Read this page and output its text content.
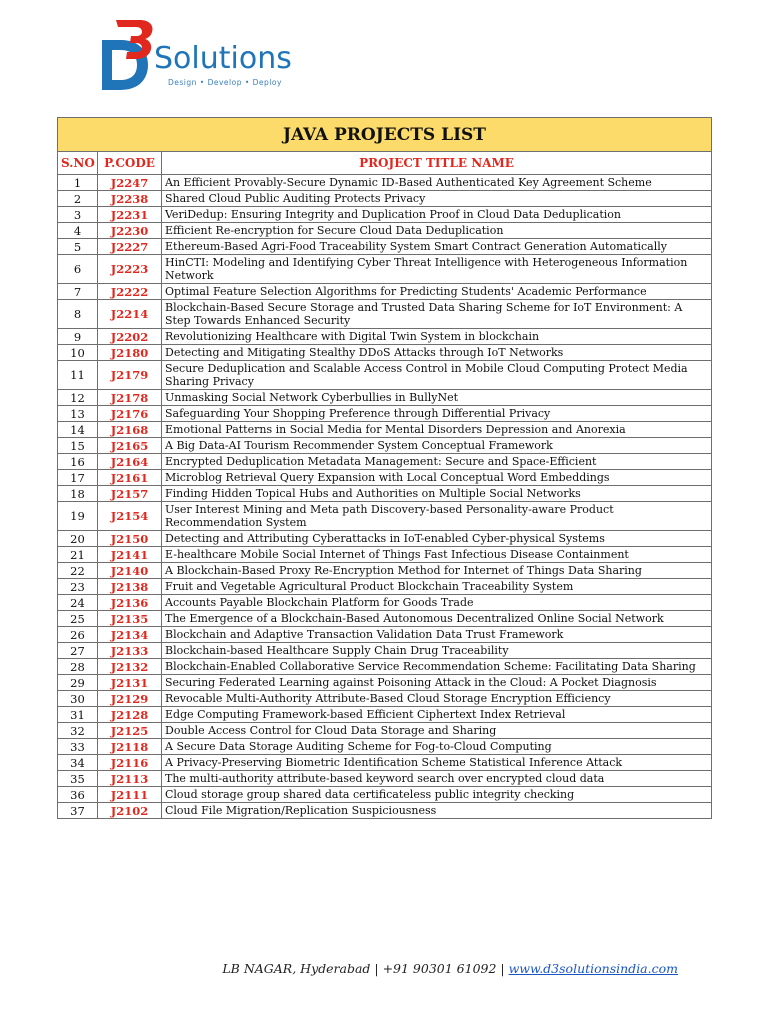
Solutions
Design • Develop • Deploy
JAVA PROJECTS LIST		
S.NO	P.CODE	PROJECT TITLE NAME
1	J2247	An Efficient Provably-Secure Dynamic ID-Based Authenticated Key Agreement Scheme
2	J2238	Shared Cloud Public Auditing Protects Privacy
3	J2231	VeriDedup: Ensuring Integrity and Duplication Proof in Cloud Data Deduplication
4	J2230	Efficient Re-encryption for Secure Cloud Data Deduplication
5	J2227	Ethereum-Based Agri-Food Traceability System Smart Contract Generation Automatically
6	J2223	HinCTI: Modeling and Identifying Cyber Threat Intelligence with Heterogeneous Information Network
7	J2222	Optimal Feature Selection Algorithms for Predicting Students' Academic Performance
8	J2214	Blockchain-Based Secure Storage and Trusted Data Sharing Scheme for IoT Environment: A Step Towards Enhanced Security
9	J2202	Revolutionizing Healthcare with Digital Twin System in blockchain
10	J2180	Detecting and Mitigating Stealthy DDoS Attacks through IoT Networks
11	J2179	Secure Deduplication and Scalable Access Control in Mobile Cloud Computing Protect Media Sharing Privacy
12	J2178	Unmasking Social Network Cyberbullies in BullyNet
13	J2176	Safeguarding Your Shopping Preference through Differential Privacy
14	J2168	Emotional Patterns in Social Media for Mental Disorders Depression and Anorexia
15	J2165	A Big Data-AI Tourism Recommender System Conceptual Framework
16	J2164	Encrypted Deduplication Metadata Management: Secure and Space-Efficient
17	J2161	Microblog Retrieval Query Expansion with Local Conceptual Word Embeddings
18	J2157	Finding Hidden Topical Hubs and Authorities on Multiple Social Networks
19	J2154	User Interest Mining and Meta path Discovery-based Personality-aware Product Recommendation System
20	J2150	Detecting and Attributing Cyberattacks in IoT-enabled Cyber-physical Systems
21	J2141	E-healthcare Mobile Social Internet of Things Fast Infectious Disease Containment
22	J2140	A Blockchain-Based Proxy Re-Encryption Method for Internet of Things Data Sharing
23	J2138	Fruit and Vegetable Agricultural Product Blockchain Traceability System
24	J2136	Accounts Payable Blockchain Platform for Goods Trade
25	J2135	The Emergence of a Blockchain-Based Autonomous Decentralized Online Social Network
26	J2134	Blockchain and Adaptive Transaction Validation Data Trust Framework
27	J2133	Blockchain-based Healthcare Supply Chain Drug Traceability
28	J2132	Blockchain-Enabled Collaborative Service Recommendation Scheme: Facilitating Data Sharing
29	J2131	Securing Federated Learning against Poisoning Attack in the Cloud: A Pocket Diagnosis
30	J2129	Revocable Multi-Authority Attribute-Based Cloud Storage Encryption Efficiency
31	J2128	Edge Computing Framework-based Efficient Ciphertext Index Retrieval
32	J2125	Double Access Control for Cloud Data Storage and Sharing
33	J2118	A Secure Data Storage Auditing Scheme for Fog-to-Cloud Computing
34	J2116	A Privacy-Preserving Biometric Identification Scheme Statistical Inference Attack
35	J2113	The multi-authority attribute-based keyword search over encrypted cloud data
36	J2111	Cloud storage group shared data certificateless public integrity checking
37	J2102	Cloud File Migration/Replication Suspiciousness
LB NAGAR, Hyderabad | +91 90301 61092 | www.d3solutionsindia.com
